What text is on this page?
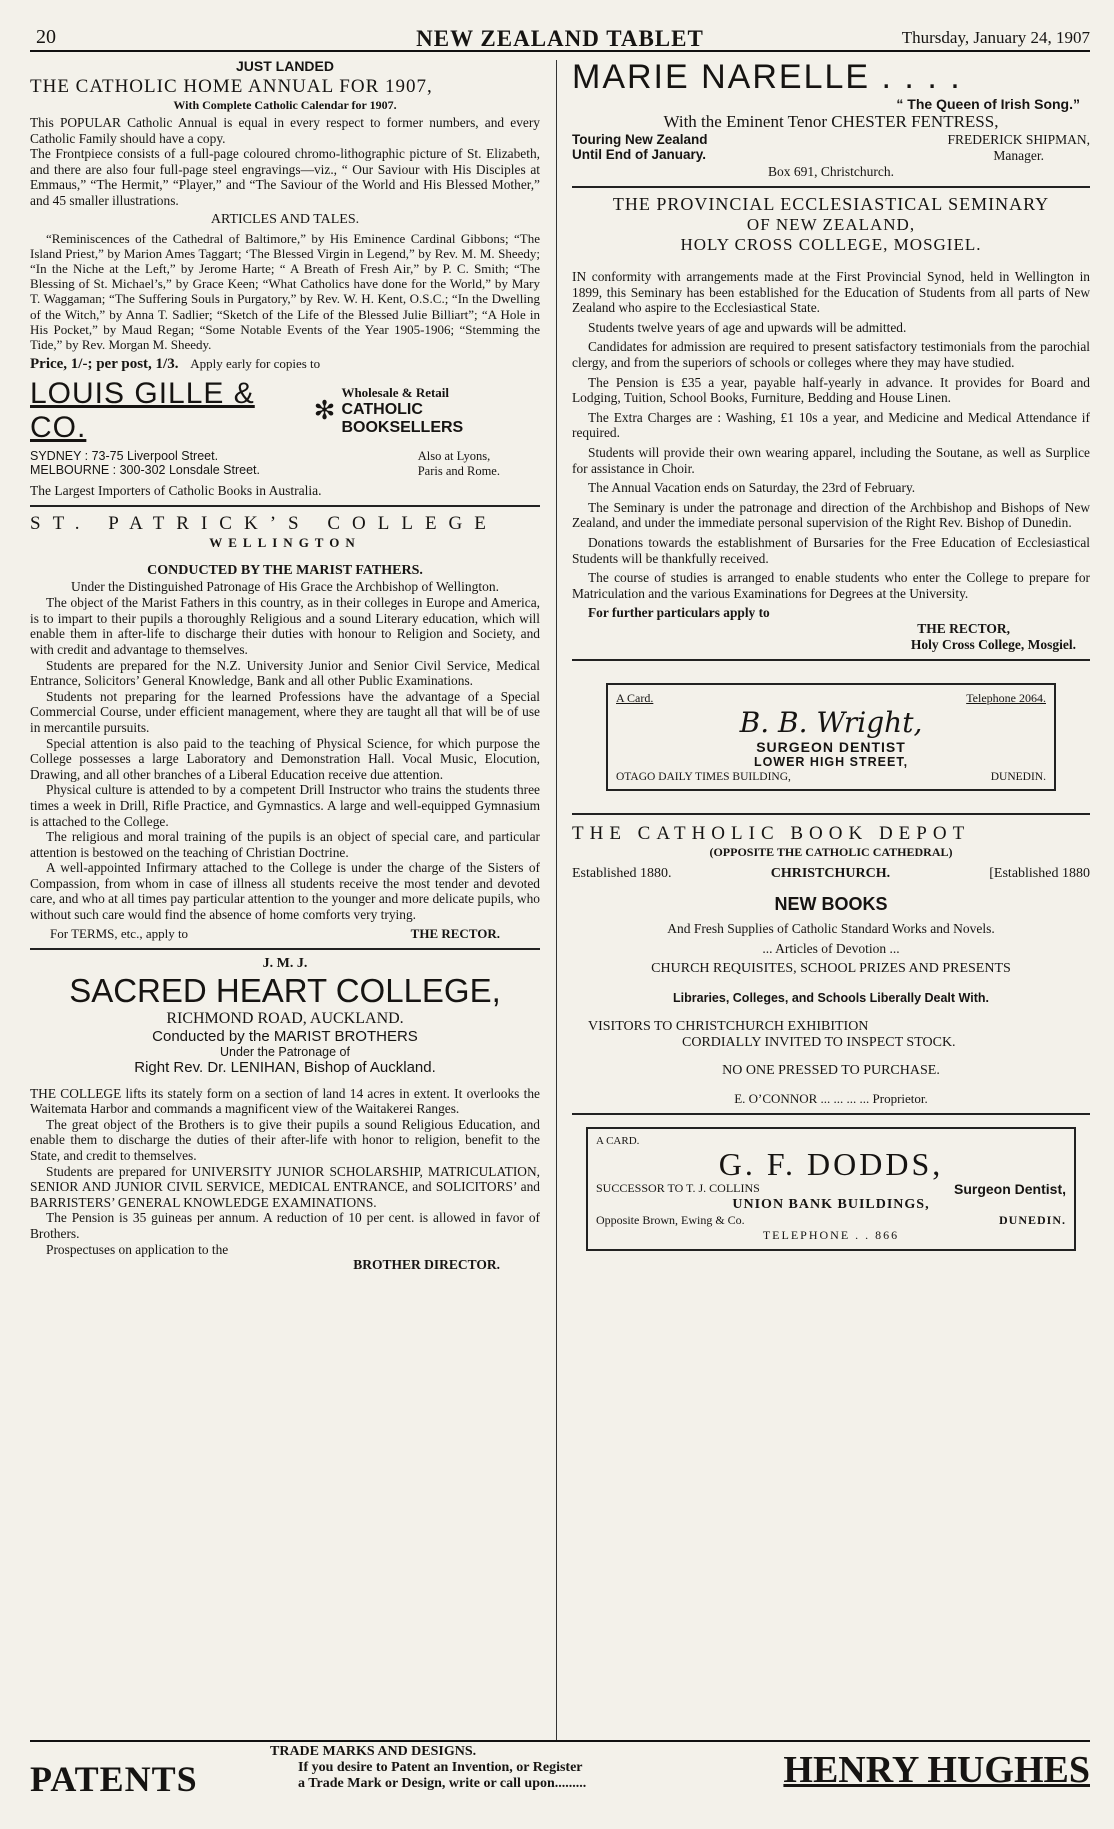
20	NEW ZEALAND TABLET	Thursday, January 24, 1907

JUST LANDED

THE CATHOLIC HOME ANNUAL FOR 1907,

With Complete Catholic Calendar for 1907.

This POPULAR Catholic Annual is equal in every respect to former numbers, and every Catholic Family should have a copy.

The Frontpiece consists of a full-page coloured chromo-lithographic picture of St. Elizabeth, and there are also four full-page steel engravings—viz., “ Our Saviour with His Disciples at Emmaus,” “The Hermit,” “Player,” and “The Saviour of the World and His Blessed Mother,” and 45 smaller illustrations.

ARTICLES AND TALES.

“Reminiscences of the Cathedral of Baltimore,” by His Eminence Cardinal Gibbons; “The Island Priest,” by Marion Ames Taggart; ‘The Blessed Virgin in Legend,” by Rev. M. M. Sheedy; “In the Niche at the Left,” by Jerome Harte; “ A Breath of Fresh Air,” by P. C. Smith; “The Blessing of St. Michael’s,” by Grace Keen; “What Catholics have done for the World,” by Mary T. Waggaman; “The Suffering Souls in Purgatory,” by Rev. W. H. Kent, O.S.C.; “In the Dwelling of the Witch,” by Anna T. Sadlier; “Sketch of the Life of the Blessed Julie Billiart”; “A Hole in His Pocket,” by Maud Regan; “Some Notable Events of the Year 1905-1906; “Stemming the Tide,” by Rev. Morgan M. Sheedy.

Price, 1/-; per post, 1/3. Apply early for copies to

LOUIS GILLE & CO.
✻
Wholesale & Retail
CATHOLIC BOOKSELLERS
SYDNEY : 73-75 Liverpool Street.
MELBOURNE : 300-302 Lonsdale Street.
Also at Lyons,
Paris and Rome.

The Largest Importers of Catholic Books in Australia.

ST. PATRICK’S COLLEGE

WELLINGTON

CONDUCTED BY THE MARIST FATHERS.

Under the Distinguished Patronage of His Grace the Archbishop of Wellington.

The object of the Marist Fathers in this country, as in their colleges in Europe and America, is to impart to their pupils a thoroughly Religious and a sound Literary education, which will enable them in after-life to discharge their duties with honour to Religion and Society, and with credit and advantage to themselves.

Students are prepared for the N.Z. University Junior and Senior Civil Service, Medical Entrance, Solicitors’ General Knowledge, Bank and all other Public Examinations.

Students not preparing for the learned Professions have the advantage of a Special Commercial Course, under efficient management, where they are taught all that will be of use in mercantile pursuits.

Special attention is also paid to the teaching of Physical Science, for which purpose the College possesses a large Laboratory and Demonstration Hall. Vocal Music, Elocution, Drawing, and all other branches of a Liberal Education receive due attention.

Physical culture is attended to by a competent Drill Instructor who trains the students three times a week in Drill, Rifle Practice, and Gymnastics. A large and well-equipped Gymnasium is attached to the College.

The religious and moral training of the pupils is an object of special care, and particular attention is bestowed on the teaching of Christian Doctrine.

A well-appointed Infirmary attached to the College is under the charge of the Sisters of Compassion, from whom in case of illness all students receive the most tender and devoted care, and who at all times pay particular attention to the younger and more delicate pupils, who without such care would find the absence of home comforts very trying.

For TERMS, etc., apply to	THE RECTOR.

J. M. J.

SACRED HEART COLLEGE,

RICHMOND ROAD, AUCKLAND.

Conducted by the MARIST BROTHERS

Under the Patronage of

Right Rev. Dr. LENIHAN, Bishop of Auckland.

THE COLLEGE lifts its stately form on a section of land 14 acres in extent. It overlooks the Waitemata Harbor and commands a magnificent view of the Waitakerei Ranges.

The great object of the Brothers is to give their pupils a sound Religious Education, and enable them to discharge the duties of their after-life with honor to religion, benefit to the State, and credit to themselves.

Students are prepared for UNIVERSITY JUNIOR SCHOLARSHIP, MATRICULATION, SENIOR AND JUNIOR CIVIL SERVICE, MEDICAL ENTRANCE, and SOLICITORS’ and BARRISTERS’ GENERAL KNOWLEDGE EXAMINATIONS.

The Pension is 35 guineas per annum. A reduction of 10 per cent. is allowed in favor of Brothers.

Prospectuses on application to the

BROTHER DIRECTOR.

MARIE NARELLE . . . .

“ The Queen of Irish Song.”

With the Eminent Tenor CHESTER FENTRESS,

Touring New Zealand
Until End of January.
FREDERICK SHIPMAN,
Manager.

Box 691, Christchurch.

THE PROVINCIAL ECCLESIASTICAL SEMINARY

OF NEW ZEALAND,

HOLY CROSS COLLEGE, MOSGIEL.

IN conformity with arrangements made at the First Provincial Synod, held in Wellington in 1899, this Seminary has been established for the Education of Students from all parts of New Zealand who aspire to the Ecclesiastical State.

Students twelve years of age and upwards will be admitted.

Candidates for admission are required to present satisfactory testimonials from the parochial clergy, and from the superiors of schools or colleges where they may have studied.

The Pension is £35 a year, payable half-yearly in advance. It provides for Board and Lodging, Tuition, School Books, Furniture, Bedding and House Linen.

The Extra Charges are : Washing, £1 10s a year, and Medicine and Medical Attendance if required.

Students will provide their own wearing apparel, including the Soutane, as well as Surplice for assistance in Choir.

The Annual Vacation ends on Saturday, the 23rd of February.

The Seminary is under the patronage and direction of the Archbishop and Bishops of New Zealand, and under the immediate personal supervision of the Right Rev. Bishop of Dunedin.

Donations towards the establishment of Bursaries for the Free Education of Ecclesiastical Students will be thankfully received.

The course of studies is arranged to enable students who enter the College to prepare for Matriculation and the various Examinations for Degrees at the University.

For further particulars apply to

THE RECTOR,

Holy Cross College, Mosgiel.

A Card.	Telephone 2064.

B. B. Wright,

SURGEON DENTIST

LOWER HIGH STREET,

OTAGO DAILY TIMES BUILDING,	DUNEDIN.

THE CATHOLIC BOOK DEPOT

(OPPOSITE THE CATHOLIC CATHEDRAL)

Established 1880.	CHRISTCHURCH.	[Established 1880

NEW BOOKS

And Fresh Supplies of Catholic Standard Works and Novels.

... Articles of Devotion ...

CHURCH REQUISITES, SCHOOL PRIZES AND PRESENTS

Libraries, Colleges, and Schools Liberally Dealt With.

VISITORS TO CHRISTCHURCH EXHIBITION

CORDIALLY INVITED TO INSPECT STOCK.

NO ONE PRESSED TO PURCHASE.

E. O’CONNOR ... ... ... ... Proprietor.

A CARD.

G. F. DODDS,

SUCCESSOR TO T. J. COLLINS	Surgeon Dentist,

UNION BANK BUILDINGS,

Opposite Brown, Ewing & Co.	DUNEDIN.

TELEPHONE . . 866

PATENTS

TRADE MARKS AND DESIGNS.

If you desire to Patent an Invention, or Register

a Trade Mark or Design, write or call upon.........	HENRY HUGHES
